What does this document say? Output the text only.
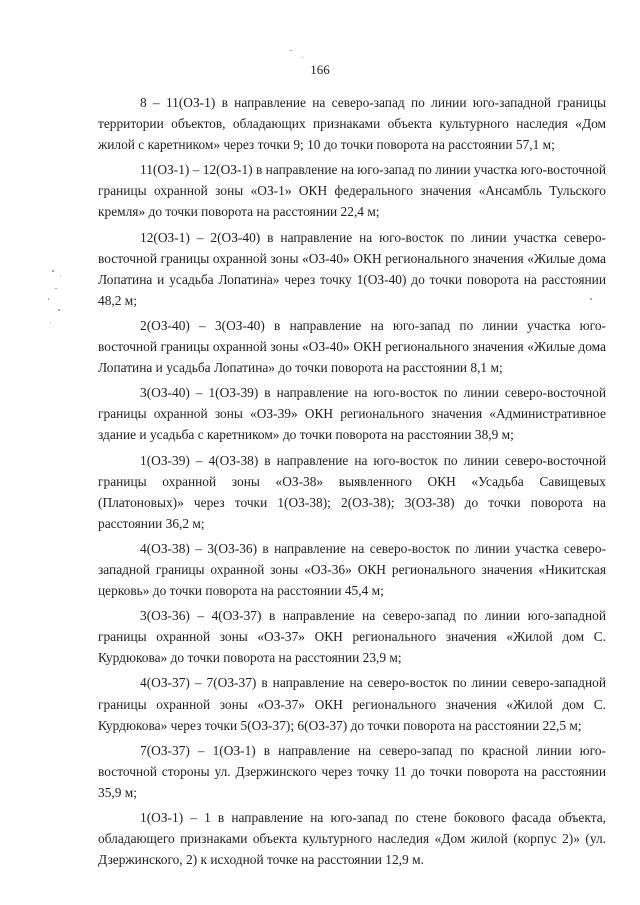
166

8 – 11(ОЗ-1) в направление на северо-запад по линии юго-западной границы территории объектов, обладающих признаками объекта культурного наследия «Дом жилой с каретником» через точки 9; 10 до точки поворота на расстоянии 57,1 м;

11(ОЗ-1) – 12(ОЗ-1) в направление на юго-запад по линии участка юго-восточной границы охранной зоны «ОЗ-1» ОКН федерального значения «Ансамбль Тульского кремля» до точки поворота на расстоянии 22,4 м;

12(ОЗ-1) – 2(ОЗ-40) в направление на юго-восток по линии участка северо-восточной границы охранной зоны «ОЗ-40» ОКН регионального значения «Жилые дома Лопатина и усадьба Лопатина» через точку 1(ОЗ-40) до точки поворота на расстоянии 48,2 м;

2(ОЗ-40) – 3(ОЗ-40) в направление на юго-запад по линии участка юго-восточной границы охранной зоны «ОЗ-40» ОКН регионального значения «Жилые дома Лопатина и усадьба Лопатина» до точки поворота на расстоянии 8,1 м;

3(ОЗ-40) – 1(ОЗ-39) в направление на юго-восток по линии северо-восточной границы охранной зоны «ОЗ-39» ОКН регионального значения «Административное здание и усадьба с каретником» до точки поворота на расстоянии 38,9 м;

1(ОЗ-39) – 4(ОЗ-38) в направление на юго-восток по линии северо-восточной границы охранной зоны «ОЗ-38» выявленного ОКН «Усадьба Савищевых (Платоновых)» через точки 1(ОЗ-38); 2(ОЗ-38); 3(ОЗ-38) до точки поворота на расстоянии 36,2 м;

4(ОЗ-38) – 3(ОЗ-36) в направление на северо-восток по линии участка северо-западной границы охранной зоны «ОЗ-36» ОКН регионального значения «Никитская церковь» до точки поворота на расстоянии 45,4 м;

3(ОЗ-36) – 4(ОЗ-37) в направление на северо-запад по линии юго-западной границы охранной зоны «ОЗ-37» ОКН регионального значения «Жилой дом С. Курдюкова» до точки поворота на расстоянии 23,9 м;

4(ОЗ-37) – 7(ОЗ-37) в направление на северо-восток по линии северо-западной границы охранной зоны «ОЗ-37» ОКН регионального значения «Жилой дом С. Курдюкова» через точки 5(ОЗ-37); 6(ОЗ-37) до точки поворота на расстоянии 22,5 м;

7(ОЗ-37) – 1(ОЗ-1) в направление на северо-запад по красной линии юго-восточной стороны ул. Дзержинского через точку 11 до точки поворота на расстоянии 35,9 м;

1(ОЗ-1) – 1 в направление на юго-запад по стене бокового фасада объекта, обладающего признаками объекта культурного наследия «Дом жилой (корпус 2)» (ул. Дзержинского, 2) к исходной точке на расстоянии 12,9 м.
